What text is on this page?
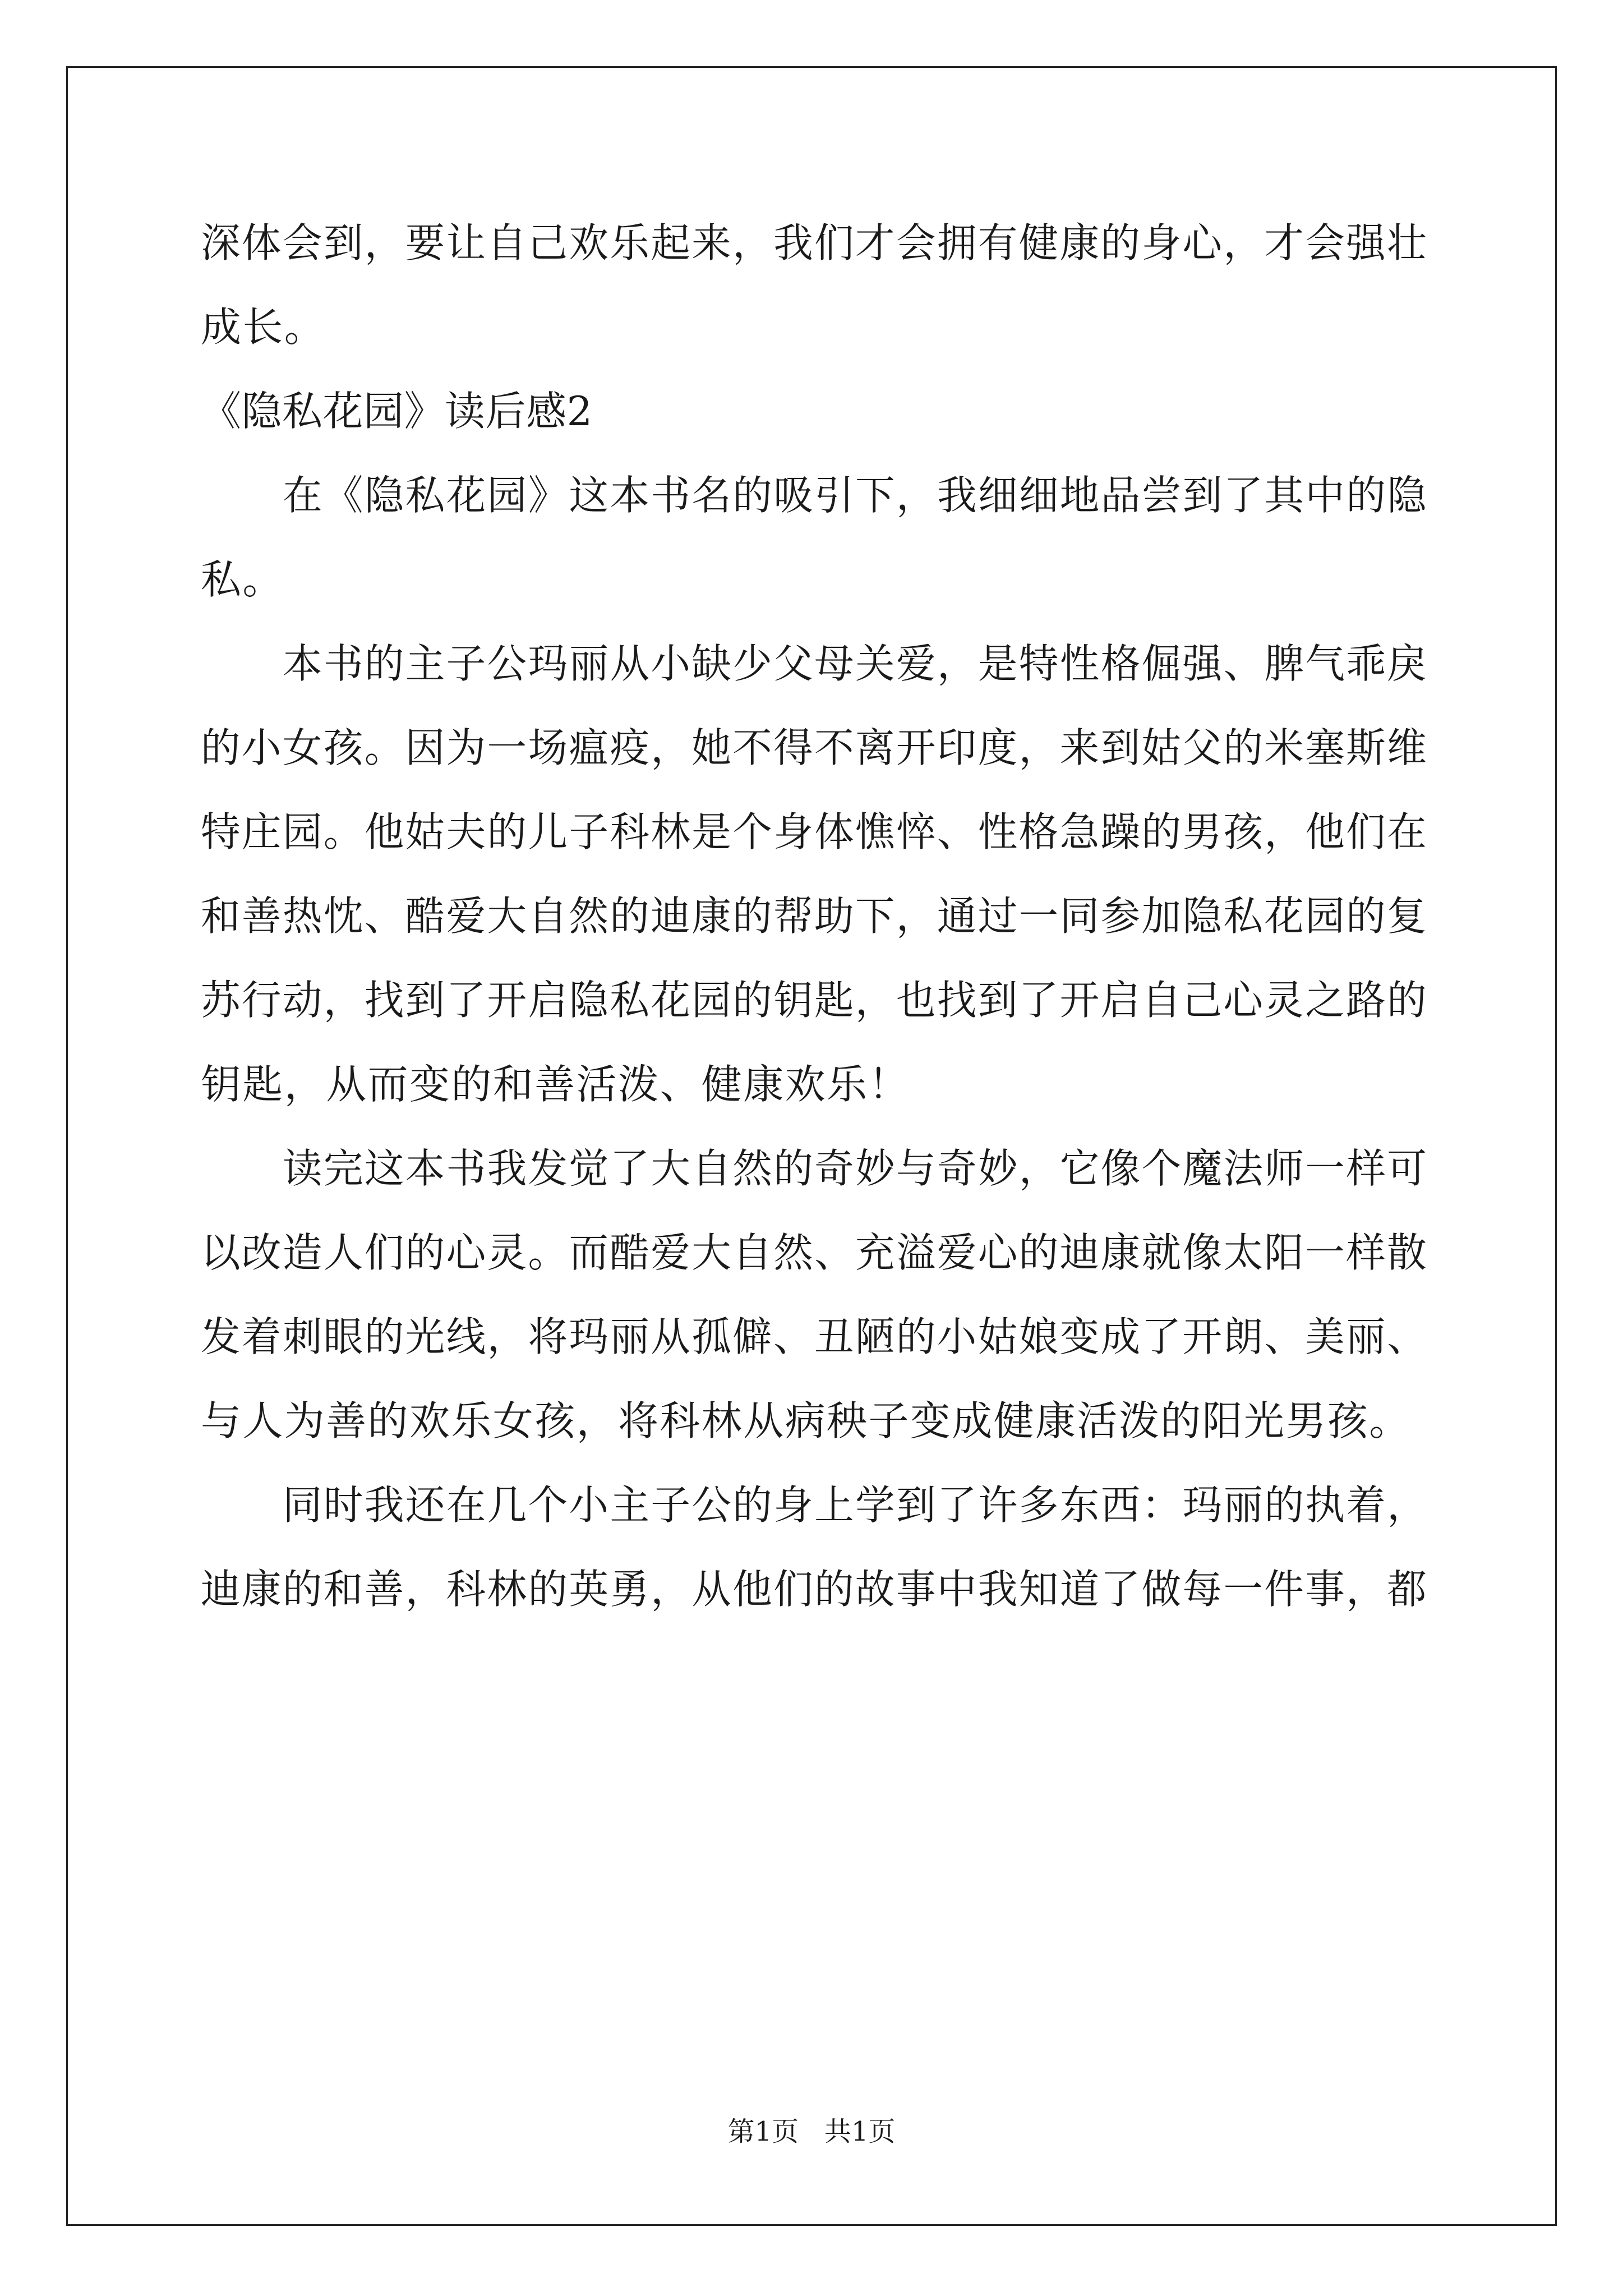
深体会到，要让自己欢乐起来，我们才会拥有健康的身心，才会强壮
成长。
《隐私花园》读后感2
在《隐私花园》这本书名的吸引下，我细细地品尝到了其中的隐
私。
本书的主子公玛丽从小缺少父母关爱，是特性格倔强、脾气乖戾
的小女孩。因为一场瘟疫，她不得不离开印度，来到姑父的米塞斯维
特庄园。他姑夫的儿子科林是个身体憔悴、性格急躁的男孩，他们在
和善热忱、酷爱大自然的迪康的帮助下，通过一同参加隐私花园的复
苏行动，找到了开启隐私花园的钥匙，也找到了开启自己心灵之路的
钥匙，从而变的和善活泼、健康欢乐！
读完这本书我发觉了大自然的奇妙与奇妙，它像个魔法师一样可
以改造人们的心灵。而酷爱大自然、充溢爱心的迪康就像太阳一样散
发着刺眼的光线，将玛丽从孤僻、丑陋的小姑娘变成了开朗、美丽、
与人为善的欢乐女孩，将科林从病秧子变成健康活泼的阳光男孩。
同时我还在几个小主子公的身上学到了许多东西：玛丽的执着，
迪康的和善，科林的英勇，从他们的故事中我知道了做每一件事，都
第1页   共1页
